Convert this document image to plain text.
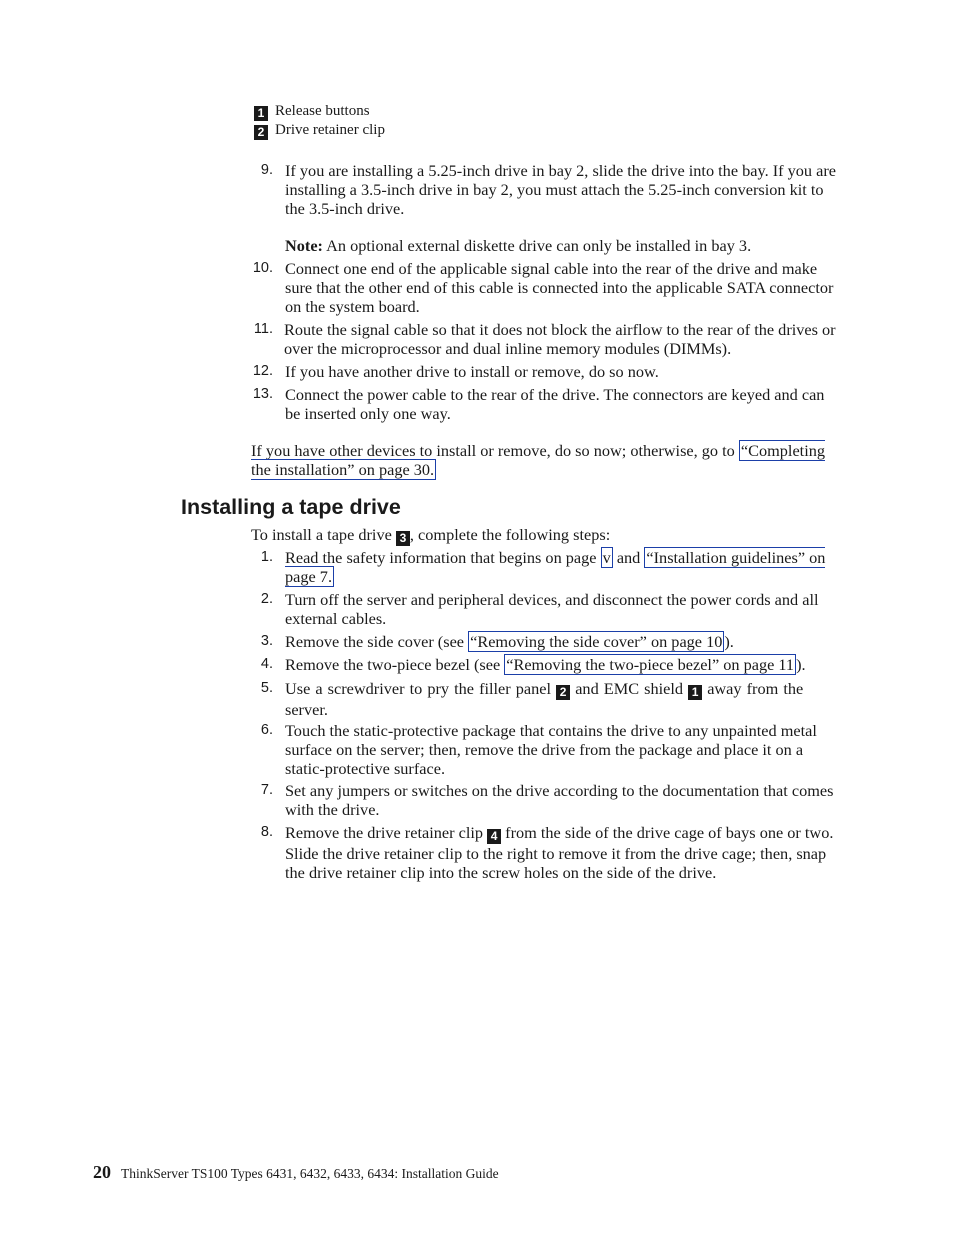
1 Release buttons
2 Drive retainer clip
9. If you are installing a 5.25-inch drive in bay 2, slide the drive into the bay. If you are installing a 3.5-inch drive in bay 2, you must attach the 5.25-inch conversion kit to the 3.5-inch drive.
Note: An optional external diskette drive can only be installed in bay 3.
10. Connect one end of the applicable signal cable into the rear of the drive and make sure that the other end of this cable is connected into the applicable SATA connector on the system board.
11. Route the signal cable so that it does not block the airflow to the rear of the drives or over the microprocessor and dual inline memory modules (DIMMs).
12. If you have another drive to install or remove, do so now.
13. Connect the power cable to the rear of the drive. The connectors are keyed and can be inserted only one way.
If you have other devices to install or remove, do so now; otherwise, go to “Completing the installation” on page 30.
Installing a tape drive
To install a tape drive 3 , complete the following steps:
1. Read the safety information that begins on page v and “Installation guidelines” on page 7.
2. Turn off the server and peripheral devices, and disconnect the power cords and all external cables.
3. Remove the side cover (see “Removing the side cover” on page 10 ).
4. Remove the two-piece bezel (see “Removing the two-piece bezel” on page 11 ).
5. Use a screwdriver to pry the filler panel 2 and EMC shield 1 away from the server.
6. Touch the static-protective package that contains the drive to any unpainted metal surface on the server; then, remove the drive from the package and place it on a static-protective surface.
7. Set any jumpers or switches on the drive according to the documentation that comes with the drive.
8. Remove the drive retainer clip 4 from the side of the drive cage of bays one or two. Slide the drive retainer clip to the right to remove it from the drive cage; then, snap the drive retainer clip into the screw holes on the side of the drive.
20 ThinkServer TS100 Types 6431, 6432, 6433, 6434: Installation Guide
